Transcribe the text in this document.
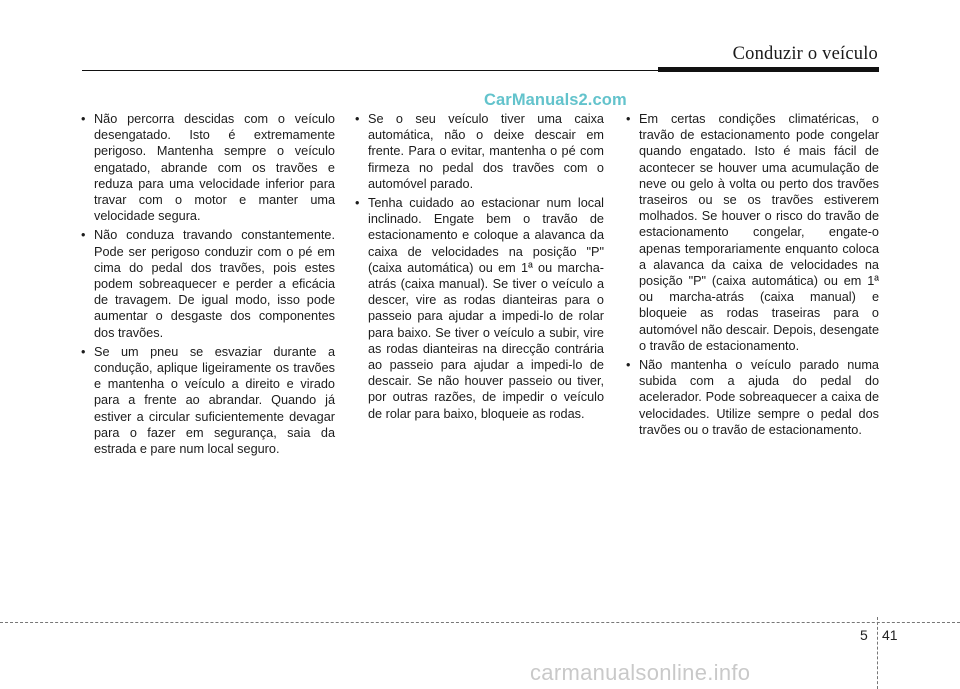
Conduzir o veículo
CarManuals2.com
• Não percorra descidas com o veículo desengatado. Isto é extremamente perigoso. Mantenha sempre o veículo engatado, abrande com os travões e reduza para uma velocidade inferior para travar com o motor e manter uma velocidade segura.
• Não conduza travando constantemente. Pode ser perigoso conduzir com o pé em cima do pedal dos travões, pois estes podem sobreaquecer e perder a eficácia de travagem. De igual modo, isso pode aumentar o desgaste dos componentes dos travões.
• Se um pneu se esvaziar durante a condução, aplique ligeiramente os travões e mantenha o veículo a direito e virado para a frente ao abrandar. Quando já estiver a circular suficientemente devagar para o fazer em segurança, saia da estrada e pare num local seguro.
• Se o seu veículo tiver uma caixa automática, não o deixe descair em frente. Para o evitar, mantenha o pé com firmeza no pedal dos travões com o automóvel parado.
• Tenha cuidado ao estacionar num local inclinado. Engate bem o travão de estacionamento e coloque a alavanca da caixa de velocidades na posição "P" (caixa automática) ou em 1ª ou marcha-atrás (caixa manual). Se tiver o veículo a descer, vire as rodas dianteiras para o passeio para ajudar a impedi-lo de rolar para baixo. Se tiver o veículo a subir, vire as rodas dianteiras na direcção contrária ao passeio para ajudar a impedi-lo de descair. Se não houver passeio ou tiver, por outras razões, de impedir o veículo de rolar para baixo, bloqueie as rodas.
• Em certas condições climatéricas, o travão de estacionamento pode congelar quando engatado. Isto é mais fácil de acontecer se houver uma acumulação de neve ou gelo à volta ou perto dos travões traseiros ou se os travões estiverem molhados. Se houver o risco do travão de estacionamento congelar, engate-o apenas temporariamente enquanto coloca a alavanca da caixa de velocidades na posição "P" (caixa automática) ou em 1ª ou marcha-atrás (caixa manual) e bloqueie as rodas traseiras para o automóvel não descair. Depois, desengate o travão de estacionamento.
• Não mantenha o veículo parado numa subida com a ajuda do pedal do acelerador. Pode sobreaquecer a caixa de velocidades. Utilize sempre o pedal dos travões ou o travão de estacionamento.
5 41
carmanualsonline.info
